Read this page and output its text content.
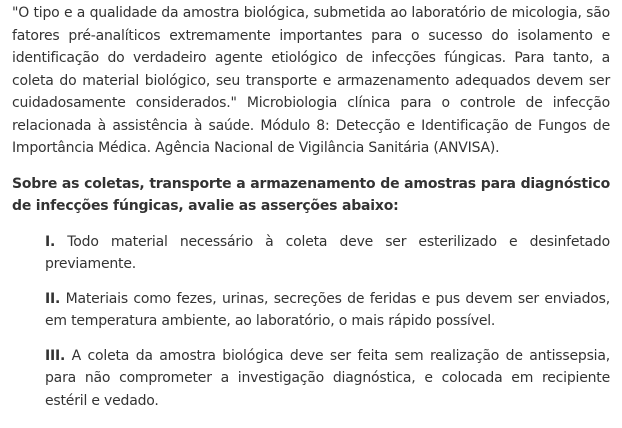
"O tipo e a qualidade da amostra biológica, submetida ao laboratório de micologia, são fatores pré-analíticos extremamente importantes para o sucesso do isolamento e identificação do verdadeiro agente etiológico de infecções fúngicas. Para tanto, a coleta do material biológico, seu transporte e armazenamento adequados devem ser cuidadosamente considerados." Microbiologia clínica para o controle de infecção relacionada à assistência à saúde. Módulo 8: Detecção e Identificação de Fungos de Importância Médica. Agência Nacional de Vigilância Sanitária (ANVISA).

Sobre as coletas, transporte a armazenamento de amostras para diagnóstico de infecções fúngicas, avalie as asserções abaixo:

I. Todo material necessário à coleta deve ser esterilizado e desinfetado previamente.

II. Materiais como fezes, urinas, secreções de feridas e pus devem ser enviados, em temperatura ambiente, ao laboratório, o mais rápido possível.

III. A coleta da amostra biológica deve ser feita sem realização de antissepsia, para não comprometer a investigação diagnóstica, e colocada em recipiente estéril e vedado.
